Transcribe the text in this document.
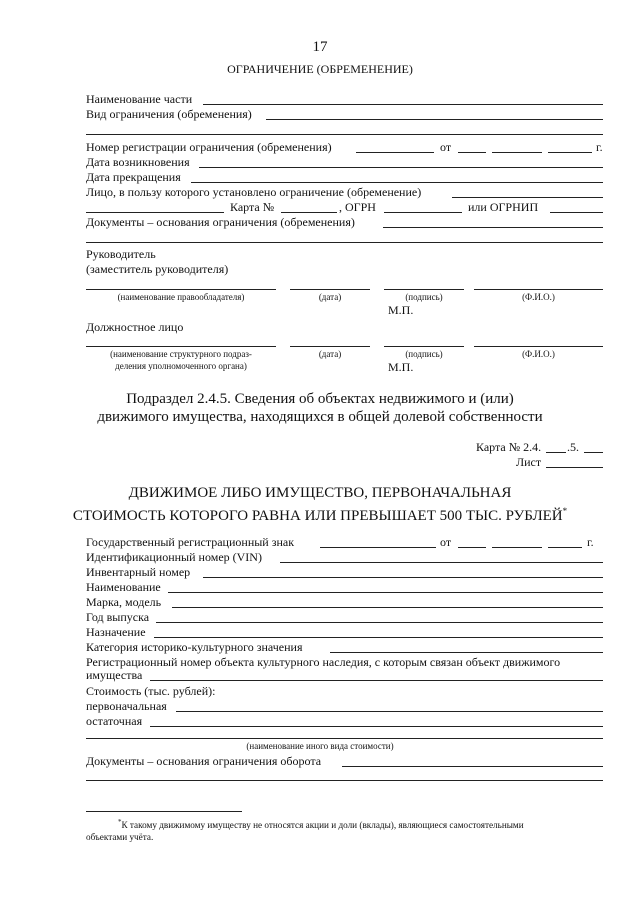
17
ОГРАНИЧЕНИЕ (ОБРЕМЕНЕНИЕ)
Наименование части
Вид ограничения (обременения)
Номер регистрации ограничения (обременения)	от	г.
Дата возникновения
Дата прекращения
Лицо, в пользу которого установлено ограничение (обременение)
Карта №	, ОГРН	или ОГРНИП
Документы – основания ограничения (обременения)
Руководитель
(заместитель руководителя)
(наименование правообладателя)	(дата)	(подпись)	(Ф.И.О.)
М.П.
Должностное лицо
(наименование структурного подраз-
деления уполномоченного органа)
(дата)	(подпись)	(Ф.И.О.)
М.П.
Подраздел 2.4.5. Сведения об объектах недвижимого и (или)
движимого имущества, находящихся в общей долевой собственности
Карта № 2.4. .5.
Лист
ДВИЖИМОЕ ЛИБО ИМУЩЕСТВО, ПЕРВОНАЧАЛЬНАЯ
СТОИМОСТЬ КОТОРОГО РАВНА ИЛИ ПРЕВЫШАЕТ 500 ТЫС. РУБЛЕЙ*
Государственный регистрационный знак	от	г.
Идентификационный номер (VIN)
Инвентарный номер
Наименование
Марка, модель
Год выпуска
Назначение
Категория историко-культурного значения
Регистрационный номер объекта культурного наследия, с которым связан объект движимого
имущества
Стоимость (тыс. рублей):
первоначальная
остаточная
(наименование иного вида стоимости)
Документы – основания ограничения оборота
*К такому движимому имуществу не относятся акции и доли (вклады), являющиеся самостоятельными
объектами учёта.
